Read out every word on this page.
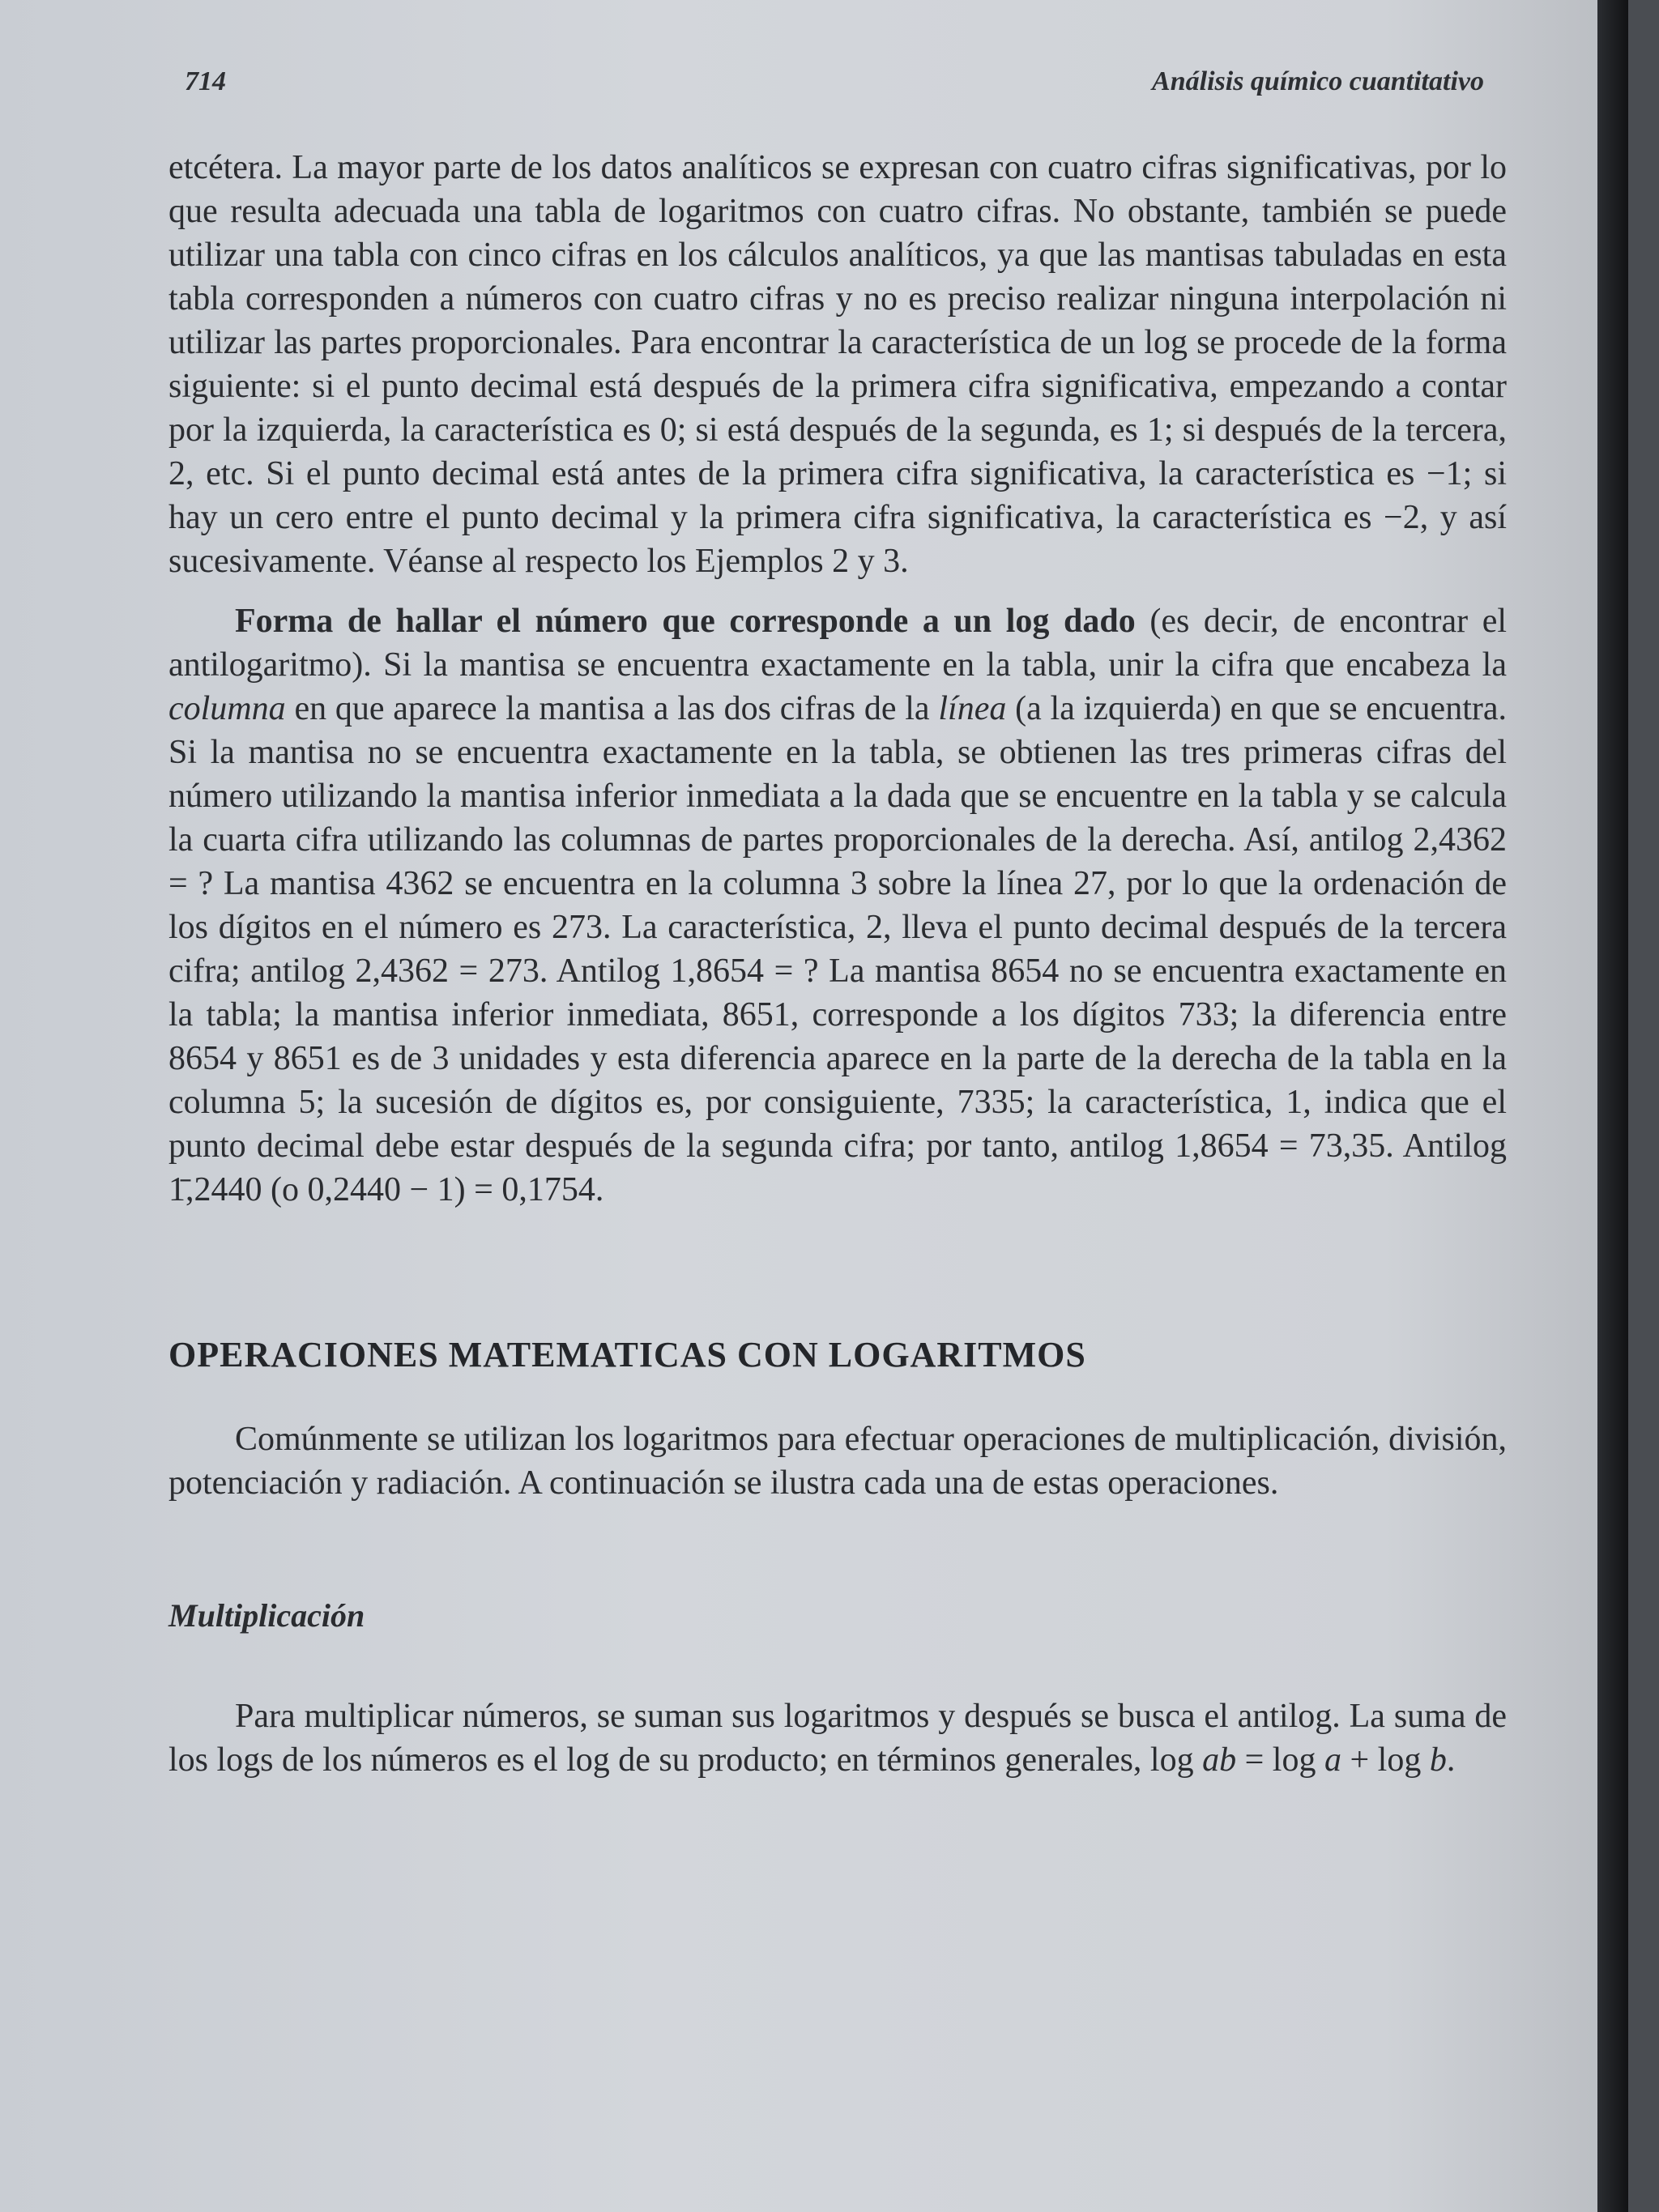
714	Análisis químico cuantitativo

etcétera. La mayor parte de los datos analíticos se expresan con cuatro cifras significativas, por lo que resulta adecuada una tabla de logaritmos con cuatro cifras. No obstante, también se puede utilizar una tabla con cinco cifras en los cálculos analíticos, ya que las mantisas tabuladas en esta tabla corresponden a números con cuatro cifras y no es preciso realizar ninguna interpolación ni utilizar las partes proporcionales. Para encontrar la característica de un log se procede de la forma siguiente: si el punto decimal está después de la primera cifra significativa, empezando a contar por la izquierda, la característica es 0; si está después de la segunda, es 1; si después de la tercera, 2, etc. Si el punto decimal está antes de la primera cifra significativa, la característica es −1; si hay un cero entre el punto decimal y la primera cifra significativa, la característica es −2, y así sucesivamente. Véanse al respecto los Ejemplos 2 y 3.

Forma de hallar el número que corresponde a un log dado (es decir, de encontrar el antilogaritmo). Si la mantisa se encuentra exactamente en la tabla, unir la cifra que encabeza la columna en que aparece la mantisa a las dos cifras de la línea (a la izquierda) en que se encuentra. Si la mantisa no se encuentra exactamente en la tabla, se obtienen las tres primeras cifras del número utilizando la mantisa inferior inmediata a la dada que se encuentre en la tabla y se calcula la cuarta cifra utilizando las columnas de partes proporcionales de la derecha. Así, antilog 2,4362 = ? La mantisa 4362 se encuentra en la columna 3 sobre la línea 27, por lo que la ordenación de los dígitos en el número es 273. La característica, 2, lleva el punto decimal después de la tercera cifra; antilog 2,4362 = 273. Antilog 1,8654 = ? La mantisa 8654 no se encuentra exactamente en la tabla; la mantisa inferior inmediata, 8651, corresponde a los dígitos 733; la diferencia entre 8654 y 8651 es de 3 unidades y esta diferencia aparece en la parte de la derecha de la tabla en la columna 5; la sucesión de dígitos es, por consiguiente, 7335; la característica, 1, indica que el punto decimal debe estar después de la segunda cifra; por tanto, antilog 1,8654 = 73,35. Antilog 1̄,2440 (o 0,2440 − 1) = 0,1754.

OPERACIONES MATEMATICAS CON LOGARITMOS

Comúnmente se utilizan los logaritmos para efectuar operaciones de multiplicación, división, potenciación y radiación. A continuación se ilustra cada una de estas operaciones.

Multiplicación

Para multiplicar números, se suman sus logaritmos y después se busca el antilog. La suma de los logs de los números es el log de su producto; en términos generales, log ab = log a + log b.
